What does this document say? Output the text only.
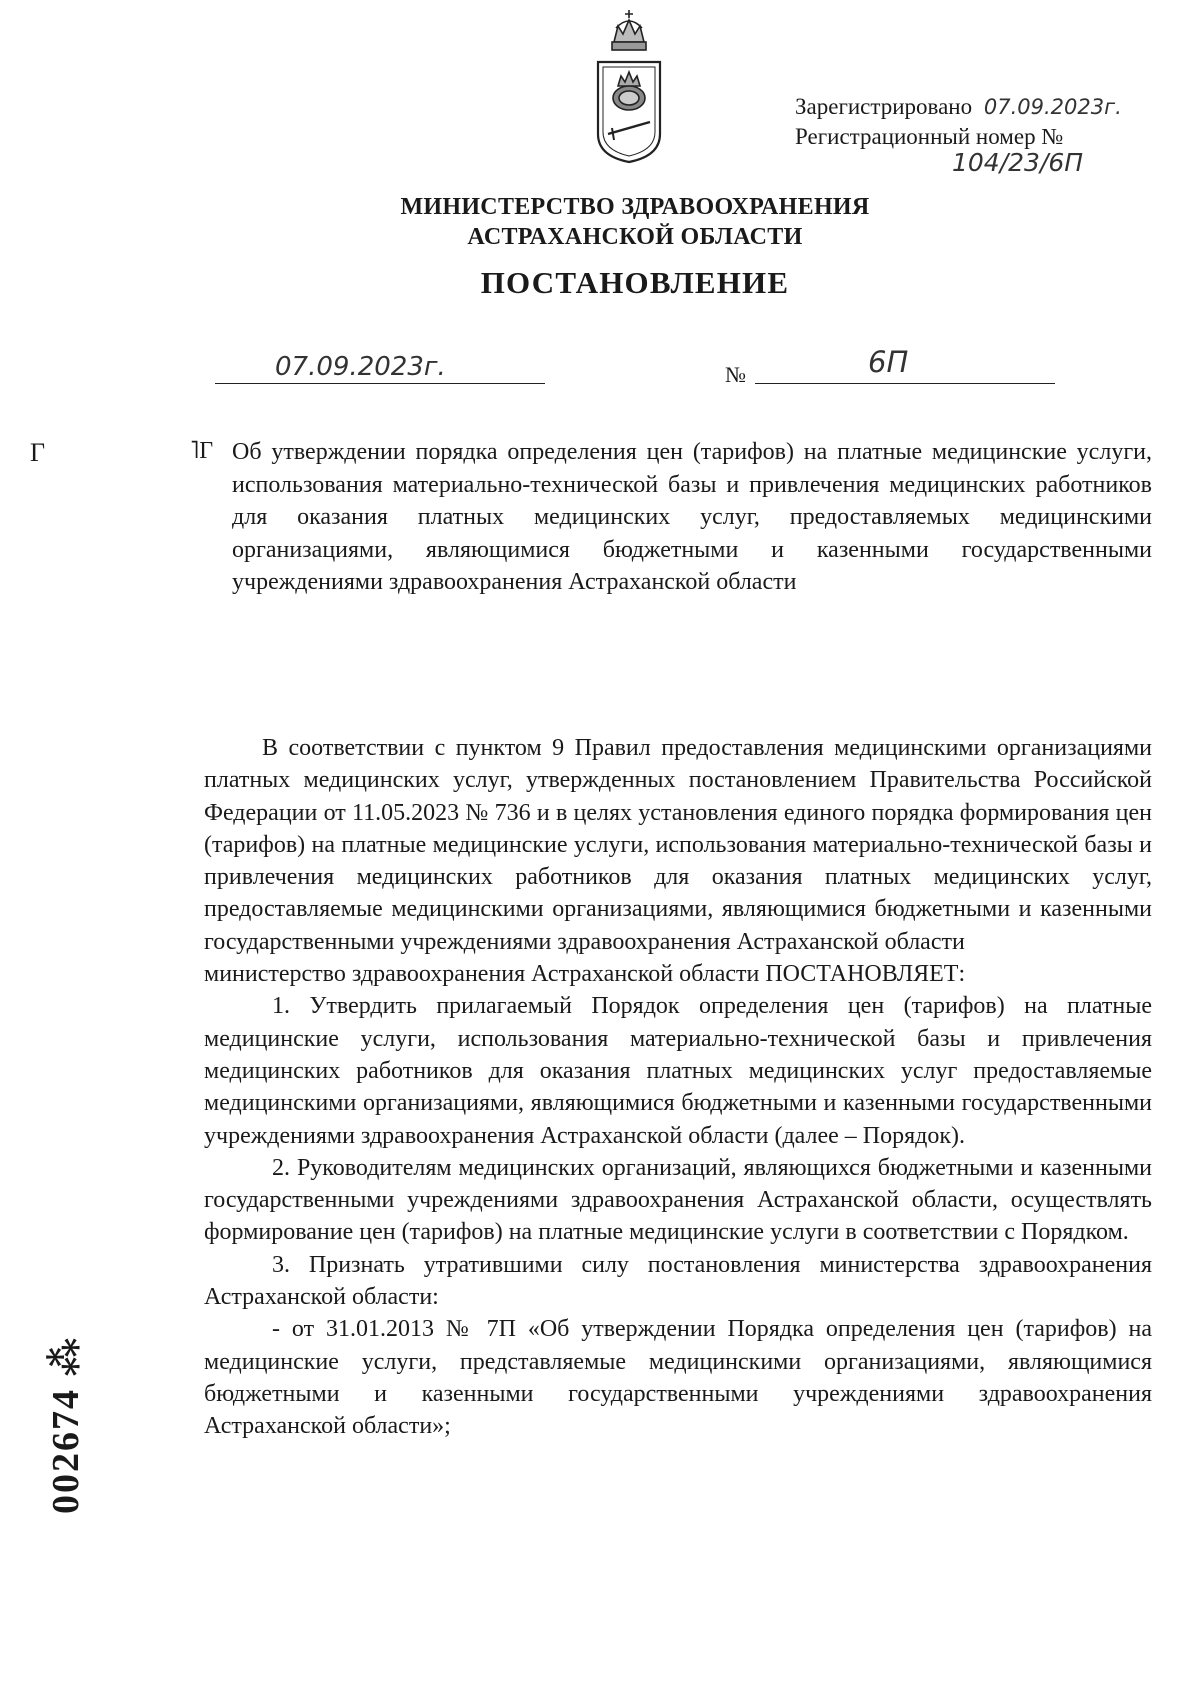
Зарегистрировано 07.09.2023г.
Регистрационный номер №
104/23/6П
МИНИСТЕРСТВО ЗДРАВООХРАНЕНИЯ
АСТРАХАНСКОЙ ОБЛАСТИ
ПОСТАНОВЛЕНИЕ
07.09.2023г.	№	6П
Г	˥Г Об утверждении порядка определения цен (тарифов) на платные медицинские услуги, использования материально-технической базы и привлечения медицинских работников для оказания платных медицинских услуг, предоставляемых медицинскими организациями, являющимися бюджетными и казенными государственными учреждениями здравоохранения Астраханской области

В соответствии с пунктом 9 Правил предоставления медицинскими организациями платных медицинских услуг, утвержденных постановлением Правительства Российской Федерации от 11.05.2023 № 736 и в целях установления единого порядка формирования цен (тарифов) на платные медицинские услуги, использования материально-технической базы и привлечения медицинских работников для оказания платных медицинских услуг, предоставляемые медицинскими организациями, являющимися бюджетными и казенными государственными учреждениями здравоохранения Астраханской области

министерство здравоохранения Астраханской области ПОСТАНОВЛЯЕТ:

1. Утвердить прилагаемый Порядок определения цен (тарифов) на платные медицинские услуги, использования материально-технической базы и привлечения медицинских работников для оказания платных медицинских услуг предоставляемые медицинскими организациями, являющимися бюджетными и казенными государственными учреждениями здравоохранения Астраханской области (далее – Порядок).

2. Руководителям медицинских организаций, являющихся бюджетными и казенными государственными учреждениями здравоохранения Астраханской области, осуществлять формирование цен (тарифов) на платные медицинские услуги в соответствии с Порядком.

3. Признать утратившими силу постановления министерства здравоохранения Астраханской области:

- от 31.01.2013 № 7П «Об утверждении Порядка определения цен (тарифов) на медицинские услуги, представляемые медицинскими организациями, являющимися бюджетными и казенными государственными учреждениями здравоохранения Астраханской области»;

002674 ⁂
